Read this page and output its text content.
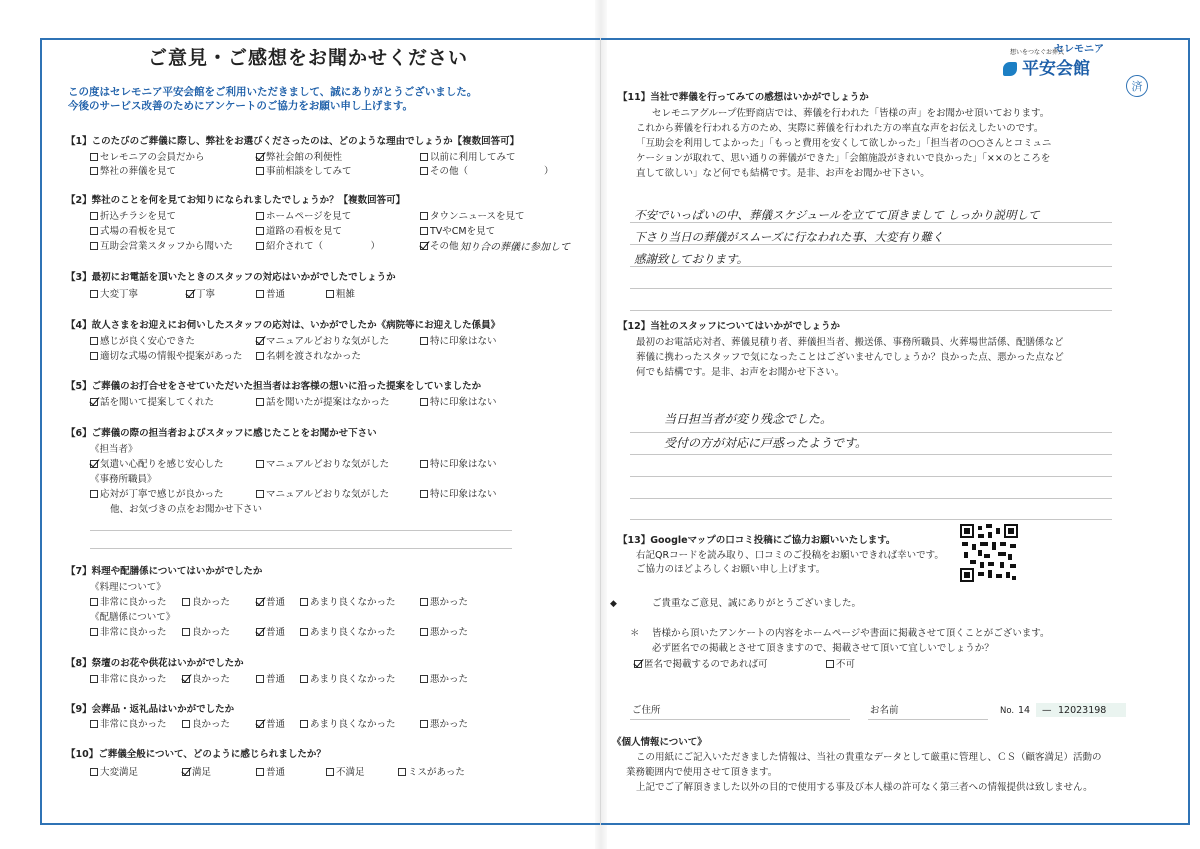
ご意見・ご感想をお聞かせください
この度はセレモニア平安会館をご利用いただきまして、誠にありがとうございました。
今後のサービス改善のためにアンケートのご協力をお願い申し上げます。
【1】このたびのご葬儀に際し、弊社をお選びくださったのは、どのような理由でしょうか【複数回答可】
セレモニアの会員だから	弊社会館の利便性	以前に利用してみて
弊社の葬儀を見て	事前相談をしてみて	その他（　　　　　　　　）
【2】弊社のことを何を見てお知りになられましたでしょうか？【複数回答可】
折込チラシを見て	ホームページを見て	タウンニュースを見て
式場の看板を見て	道路の看板を見て	TVやCMを見て
互助会営業スタッフから聞いた	紹介されて（　　　　　）	その他 知り合の葬儀に参加して
【3】最初にお電話を頂いたときのスタッフの対応はいかがでしたでしょうか
大変丁寧	丁寧	普通	粗雑
【4】故人さまをお迎えにお伺いしたスタッフの応対は、いかがでしたか《病院等にお迎えした係員》
感じが良く安心できた	マニュアルどおりな気がした	特に印象はない
適切な式場の情報や提案があった	名刺を渡されなかった
【5】ご葬儀のお打合せをさせていただいた担当者はお客様の想いに沿った提案をしていましたか
話を聞いて提案してくれた	話を聞いたが提案はなかった	特に印象はない
【6】ご葬儀の際の担当者およびスタッフに感じたことをお聞かせ下さい
《担当者》
気遣い心配りを感じ安心した	マニュアルどおりな気がした	特に印象はない
《事務所職員》
応対が丁寧で感じが良かった	マニュアルどおりな気がした	特に印象はない
他、お気づきの点をお聞かせ下さい
【7】料理や配膳係についてはいかがでしたか
《料理について》
非常に良かった	良かった	普通	あまり良くなかった	悪かった
《配膳係について》
非常に良かった	良かった	普通	あまり良くなかった	悪かった
【8】祭壇のお花や供花はいかがでしたか
非常に良かった	良かった	普通	あまり良くなかった	悪かった
【9】会葬品・返礼品はいかがでしたか
非常に良かった	良かった	普通	あまり良くなかった	悪かった
【10】ご葬儀全般について、どのように感じられましたか？
大変満足	満足	普通	不満足	ミスがあった
想いをつなぐお葬式
セレモニア
平安会館
済
【11】当社で葬儀を行ってみての感想はいかがでしょうか
セレモニアグループ佐野商店では、葬儀を行われた「皆様の声」をお聞かせ頂いております。
これから葬儀を行われる方のため、実際に葬儀を行われた方の率直な声をお伝えしたいのです。
「互助会を利用してよかった」「もっと費用を安くして欲しかった」「担当者の○○さんとコミュニ
ケーションが取れて、思い通りの葬儀ができた」「会館施設がきれいで良かった」「××のところを
直して欲しい」など何でも結構です。是非、お声をお聞かせ下さい。
不安でいっぱいの中、葬儀スケジュールを立てて頂きまして しっかり説明して
下さり当日の葬儀がスムーズに行なわれた事、大変有り難く
感謝致しております。
【12】当社のスタッフについてはいかがでしょうか
最初のお電話応対者、葬儀見積り者、葬儀担当者、搬送係、事務所職員、火葬場世話係、配膳係など
葬儀に携わったスタッフで気になったことはございませんでしょうか？良かった点、悪かった点など
何でも結構です。是非、お声をお聞かせ下さい。
当日担当者が変り残念でした。
受付の方が対応に戸惑ったようです。
【13】Googleマップの口コミ投稿にご協力お願いいたします。
右記QRコードを読み取り、口コミのご投稿をお願いできれば幸いです。
ご協力のほどよろしくお願い申し上げます。
◆	ご貴重なご意見、誠にありがとうございました。
＊ 皆様から頂いたアンケートの内容をホームページや書面に掲載させて頂くことがございます。
必ず匿名での掲載とさせて頂きますので、掲載させて頂いて宜しいでしょうか？
匿名で掲載するのであれば可	不可
ご住所	お名前	No. 14 — 12023198
《個人情報について》
この用紙にご記入いただきました情報は、当社の貴重なデータとして厳重に管理し、ＣＳ（顧客満足）活動の
業務範囲内で使用させて頂きます。
上記でご了解頂きました以外の目的で使用する事及び本人様の許可なく第三者への情報提供は致しません。
